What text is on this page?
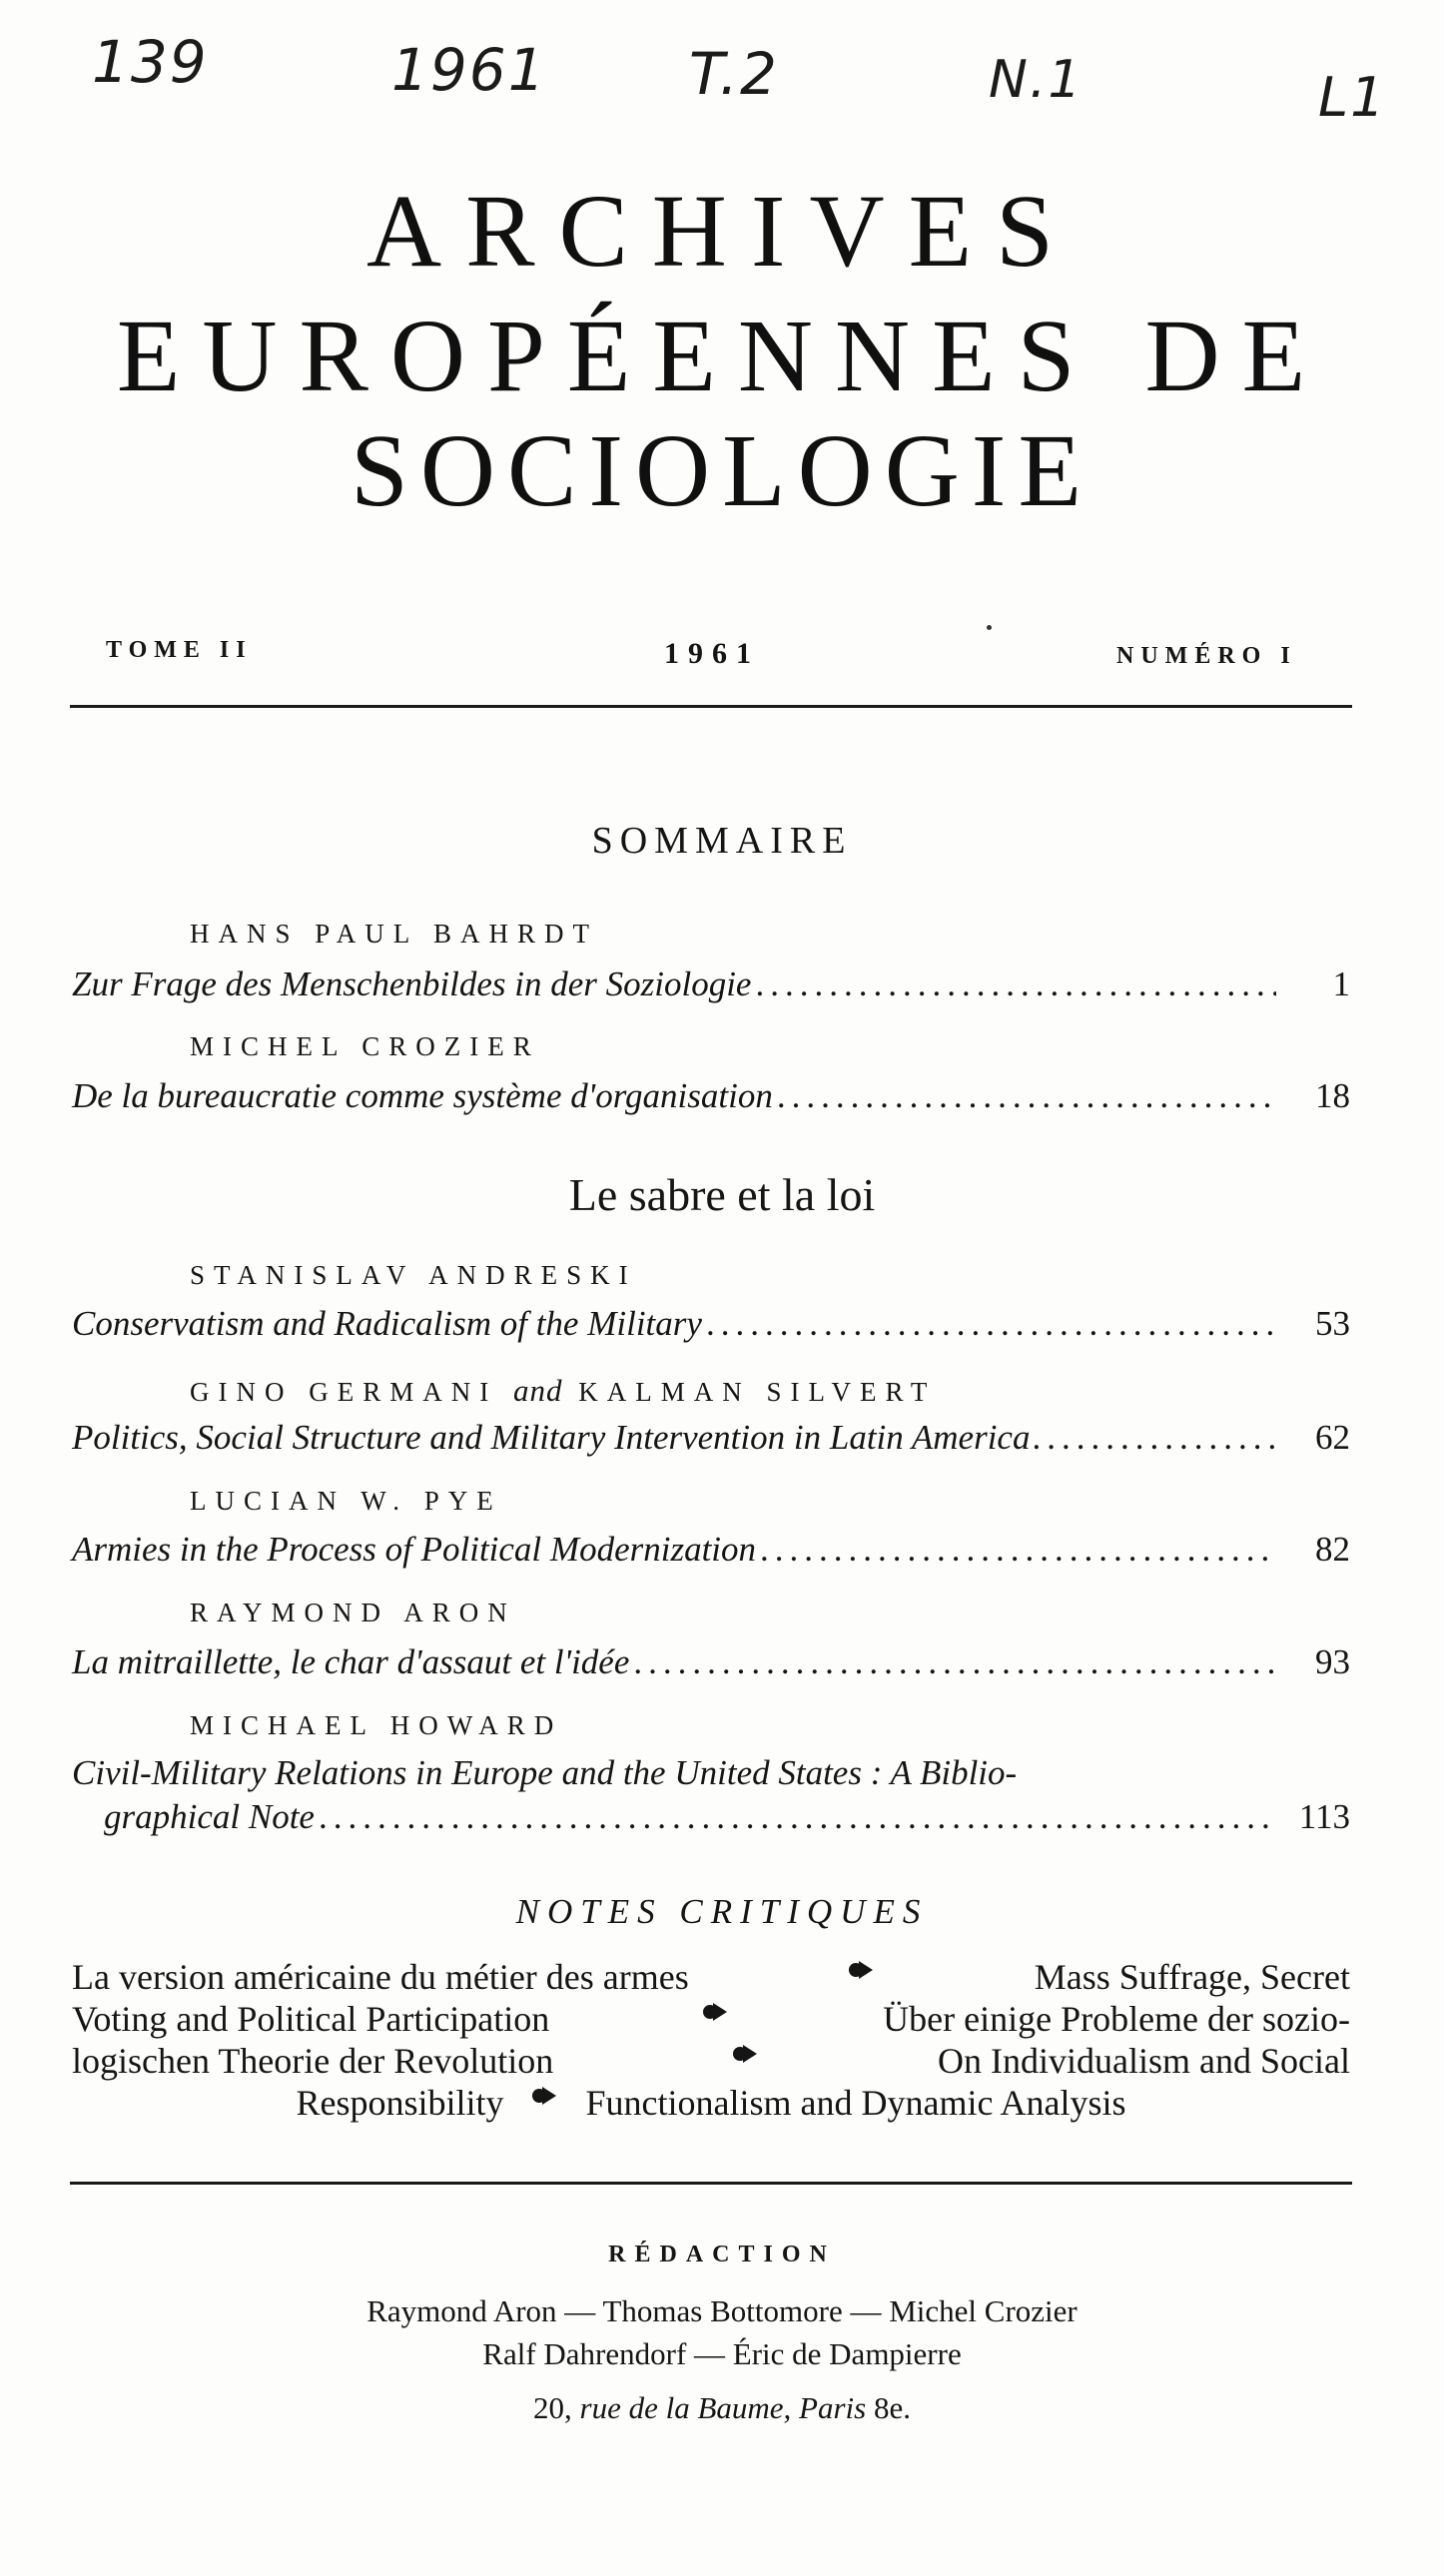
139	1961 T.2	N.1	L1
ARCHIVES
EUROPÉENNES DE
SOCIOLOGIE
TOME II	1961	NUMÉRO I
SOMMAIRE
HANS PAUL BAHRDT
Zur Frage des Menschenbildes in der Soziologie .....	1
MICHEL CROZIER
De la bureaucratie comme système d'organisation .....	18
Le sabre et la loi
STANISLAV ANDRESKI
Conservatism and Radicalism of the Military .....	53
GINO GERMANI and KALMAN SILVERT
Politics, Social Structure and Military Intervention in Latin America .....	62
LUCIAN W. PYE
Armies in the Process of Political Modernization .....	82
RAYMOND ARON
La mitraillette, le char d'assaut et l'idée .....	93
MICHAEL HOWARD
Civil-Military Relations in Europe and the United States : A Biblio-
graphical Note .....	113
NOTES CRITIQUES
La version américaine du métier des armes	Mass Suffrage, Secret
Voting and Political Participation	Über einige Probleme der sozio-
logischen Theorie der Revolution	On Individualism and Social
Responsibility Functionalism and Dynamic Analysis
RÉDACTION
Raymond Aron — Thomas Bottomore — Michel Crozier
Ralf Dahrendorf — Éric de Dampierre
20, rue de la Baume, Paris 8e.
